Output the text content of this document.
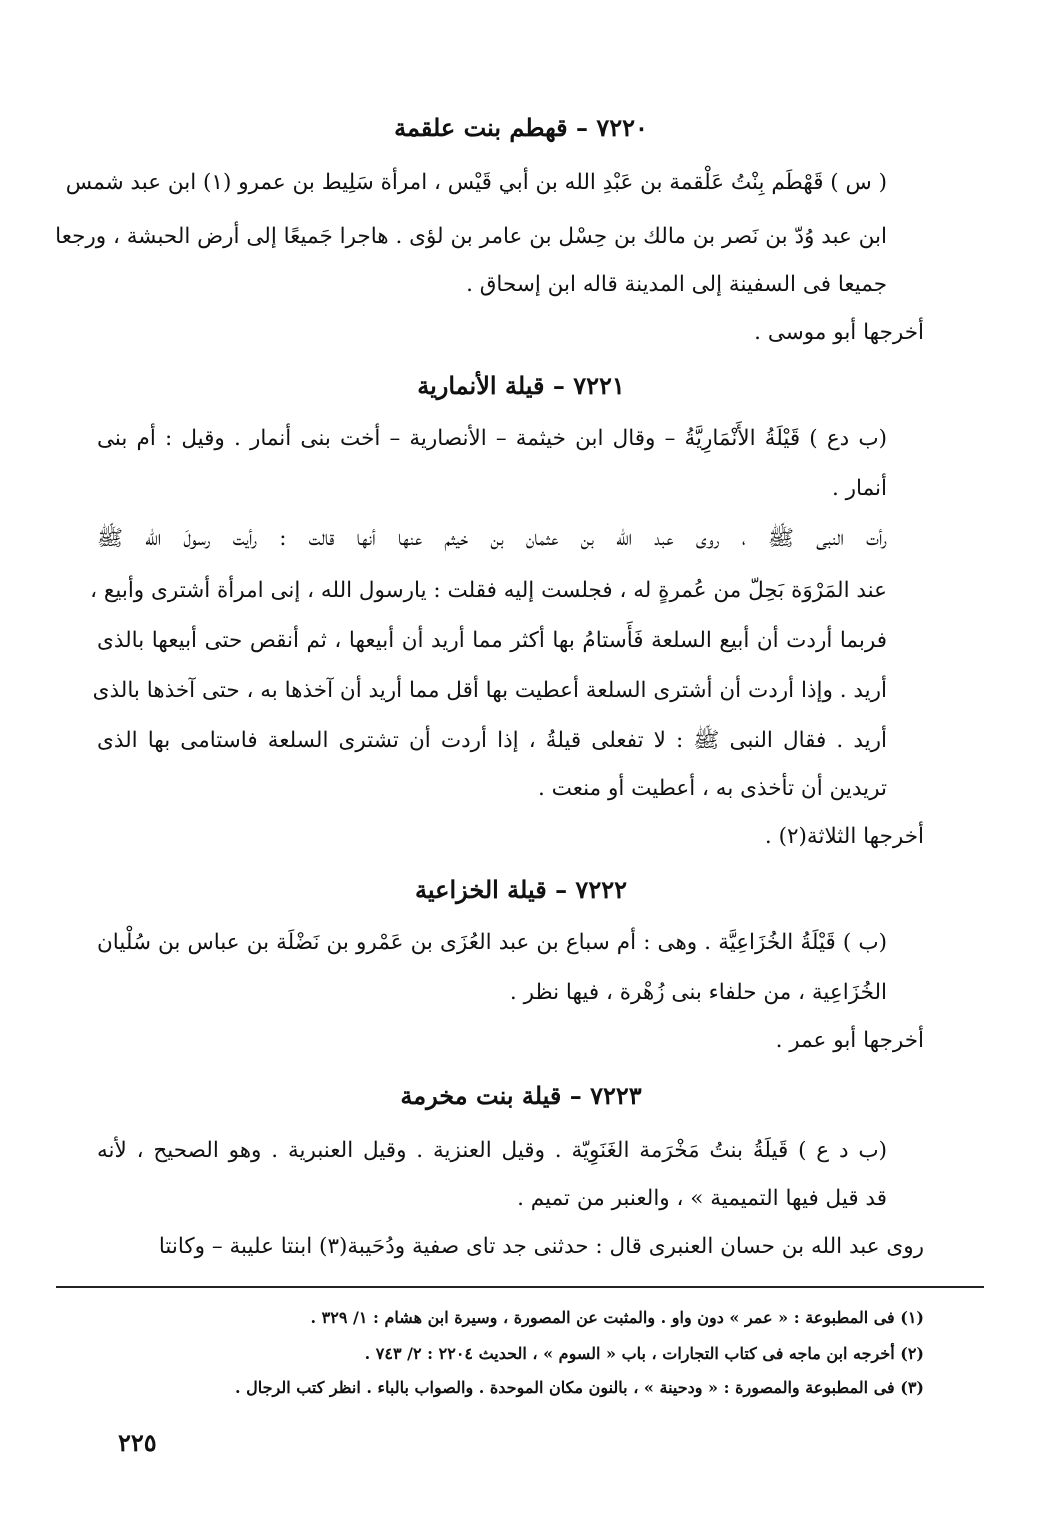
٧٢٢٠ – قهطم بنت علقمة
( س ) قَهْطَم بِنْتُ عَلْقمة بن عَبْدِ الله بن أبي قَيْس ، امرأة سَلِيط بن عمرو (١) ابن عبد شمس
ابن عبد وُدّ بن نَصر بن مالك بن حِسْل بن عامر بن لؤى . هاجرا جَميعًا إلى أرض الحبشة ، ورجعا
جميعا فى السفينة إلى المدينة قاله ابن إسحاق .
أخرجها أبو موسى .
٧٢٢١ – قيلة الأنمارية
(ب دع ) قَيْلَةُ الأَنْمَارِيَّةُ – وقال ابن خيثمة – الأنصارية – أخت بنى أنمار . وقيل : أم بنى
أنمار .
رأت النبى ﷺ ، روى عبد الله بن عثمان بن خيثم عنها أنها قالت : رأيت رسولَ الله ﷺ
عند المَرْوَة بَحِلّ من عُمرةٍ له ، فجلست إليه فقلت : يارسول الله ، إنى امرأة أشترى وأبيع ،
فربما أردت أن أبيع السلعة فَأَستامُ بها أكثر مما أريد أن أبيعها ، ثم أنقص حتى أبيعها بالذى
أريد . وإذا أردت أن أشترى السلعة أعطيت بها أقل مما أريد أن آخذها به ، حتى آخذها بالذى
أريد . فقال النبى ﷺ : لا تفعلى قيلةُ ، إذا أردت أن تشترى السلعة فاستامى بها الذى
تريدين أن تأخذى به ، أعطيت أو منعت .
أخرجها الثلاثة(٢) .
٧٢٢٢ – قيلة الخزاعية
(ب ) قَيْلَةُ الخُزَاعِيَّة . وهى : أم سباع بن عبد العُزَى بن عَمْرو بن نَضْلَة بن عباس بن سُلْيان
الخُزَاعِية ، من حلفاء بنى زُهْرة ، فيها نظر .
أخرجها أبو عمر .
٧٢٢٣ – قيلة بنت مخرمة
(ب د ع ) قَيلَةُ بنتُ مَخْرَمة الغَنَوِيّة . وقيل العنزية . وقيل العنبرية . وهو الصحيح ، لأنه
قد قيل فيها التميمية » ، والعنبر من تميم .
روى عبد الله بن حسان العنبرى قال : حدثنى جد تاى صفية ودُحَيبة(٣) ابنتا عليبة – وكانتا
(١) فى المطبوعة : « عمر » دون واو . والمثبت عن المصورة ، وسيرة ابن هشام : ١/ ٣٢٩ .
(٢) أخرجه ابن ماجه فى كتاب التجارات ، باب « السوم » ، الحديث ٢٢٠٤ : ٢/ ٧٤٣ .
(٣) فى المطبوعة والمصورة : « ودحينة » ، بالنون مكان الموحدة . والصواب بالباء . انظر كتب الرجال .
٢٢٥
